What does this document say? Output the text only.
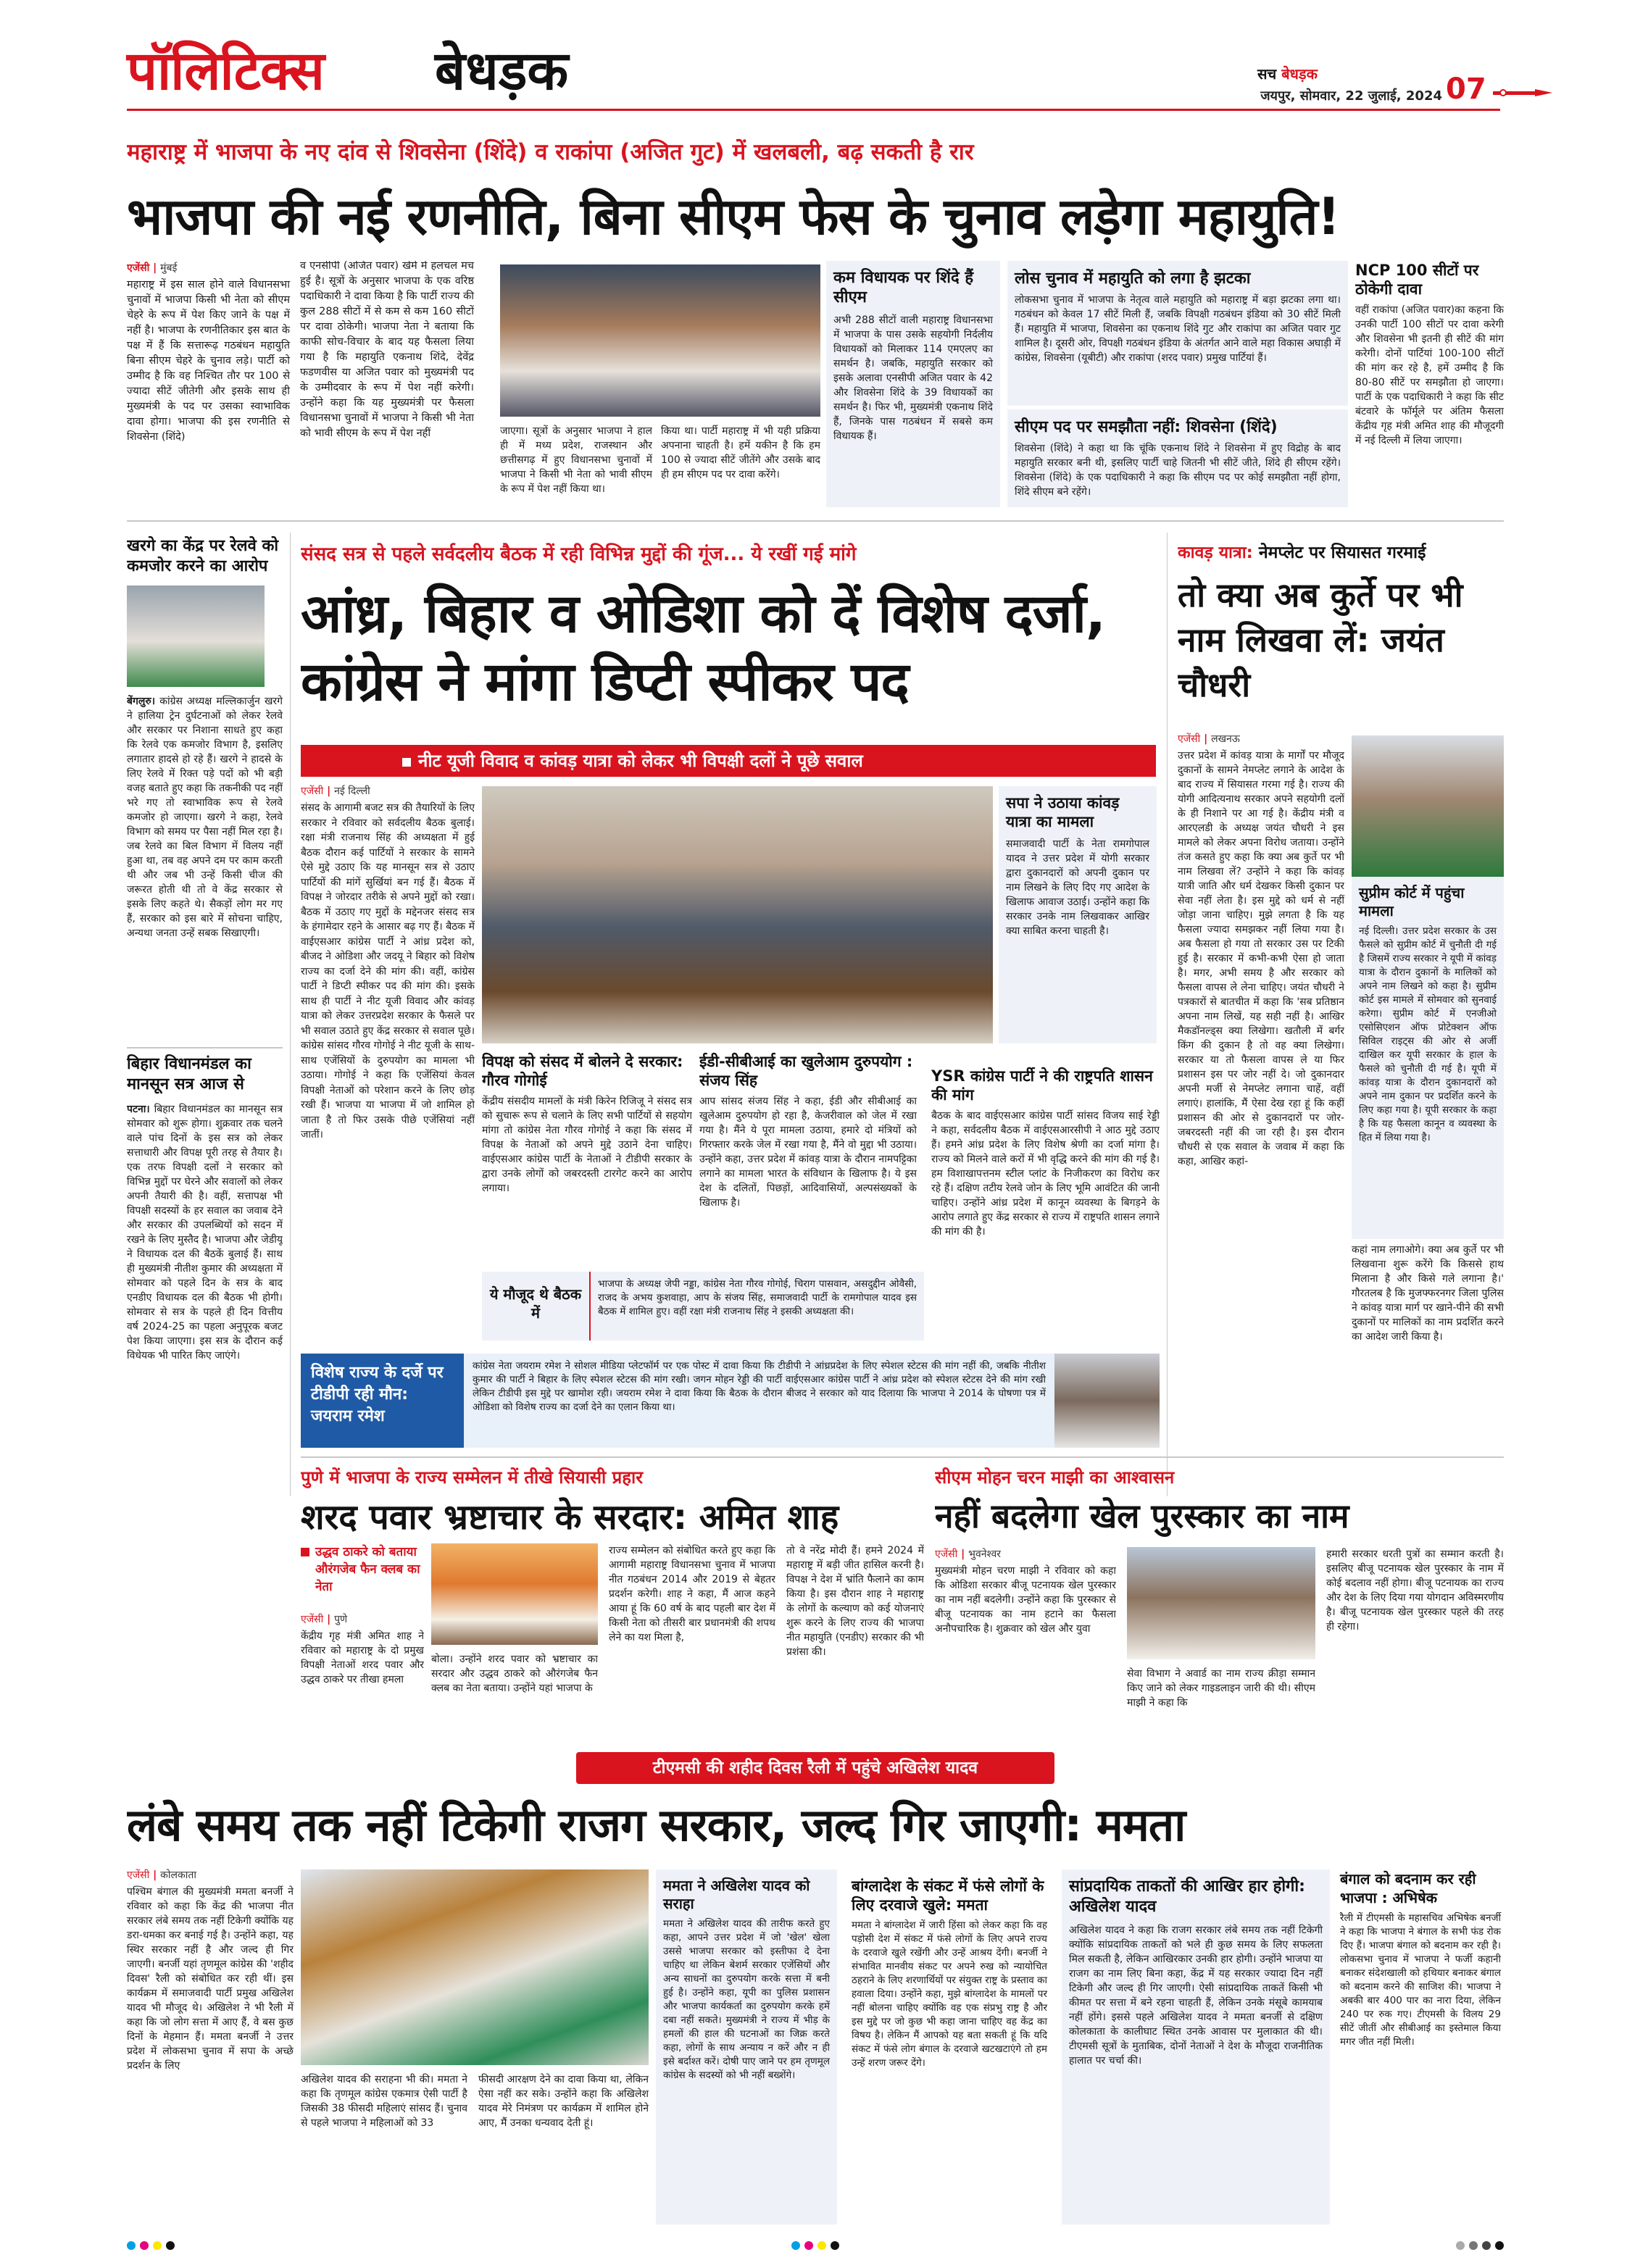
पॉलिटिक्स बेधड़क	सच बेधड़क
जयपुर, सोमवार, 22 जुलाई, 2024 07
महाराष्ट्र में भाजपा के नए दांव से शिवसेना (शिंदे) व राकांपा (अजित गुट) में खलबली, बढ़ सकती है रार
भाजपा की नई रणनीति, बिना सीएम फेस के चुनाव लड़ेगा महायुति!
एजेंसी | मुंबई

महाराष्ट्र में इस साल होने वाले विधानसभा चुनावों में भाजपा किसी भी नेता को सीएम चेहरे के रूप में पेश किए जाने के पक्ष में नहीं है। भाजपा के रणनीतिकार इस बात के पक्ष में हैं कि सत्तारूढ़ गठबंधन महायुति बिना सीएम चेहरे के चुनाव लड़े। पार्टी को उम्मीद है कि वह निश्चित तौर पर 100 से ज्यादा सीटें जीतेगी और इसके साथ ही मुख्यमंत्री के पद पर उसका स्वाभाविक दावा होगा। भाजपा की इस रणनीति से शिवसेना (शिंदे)

व एनसीपी (अजित पवार) खेमे में हलचल मच हुई है। सूत्रों के अनुसार भाजपा के एक वरिष्ठ पदाधिकारी ने दावा किया है कि पार्टी राज्य की कुल 288 सीटों में से कम से कम 160 सीटों पर दावा ठोकेगी। भाजपा नेता ने बताया कि काफी सोच-विचार के बाद यह फैसला लिया गया है कि महायुति एकनाथ शिंदे, देवेंद्र फडणवीस या अजित पवार को मुख्यमंत्री पद के उम्मीदवार के रूप में पेश नहीं करेगी। उन्होंने कहा कि यह मुख्यमंत्री पर फैसला विधानसभा चुनावों में भाजपा ने किसी भी नेता को भावी सीएम के रूप में पेश नहीं	जाएगा। सूत्रों के अनुसार भाजपा ने हाल ही में मध्य प्रदेश, राजस्थान और छत्तीसगढ़ में हुए विधानसभा चुनावों में भाजपा ने किसी भी नेता को भावी सीएम के रूप में पेश नहीं किया था।

किया था। पार्टी महाराष्ट्र में भी यही प्रक्रिया अपनाना चाहती है। हमें यकीन है कि हम 100 से ज्यादा सीटें जीतेंगे और उसके बाद ही हम सीएम पद पर दावा करेंगे।

कम विधायक पर शिंदे हैं सीएम

अभी 288 सीटों वाली महाराष्ट्र विधानसभा में भाजपा के पास उसके सहयोगी निर्दलीय विधायकों को मिलाकर 114 एमएलए का समर्थन है। जबकि, महायुति सरकार को इसके अलावा एनसीपी अजित पवार के 42 और शिवसेना शिंदे के 39 विधायकों का समर्थन है। फिर भी, मुख्यमंत्री एकनाथ शिंदे हैं, जिनके पास गठबंधन में सबसे कम विधायक हैं।

लोस चुनाव में महायुति को लगा है झटका

लोकसभा चुनाव में भाजपा के नेतृत्व वाले महायुति को महाराष्ट्र में बड़ा झटका लगा था। गठबंधन को केवल 17 सीटें मिली हैं, जबकि विपक्षी गठबंधन इंडिया को 30 सीटें मिली हैं। महायुति में भाजपा, शिवसेना का एकनाथ शिंदे गुट और राकांपा का अजित पवार गुट शामिल है। दूसरी ओर, विपक्षी गठबंधन इंडिया के अंतर्गत आने वाले महा विकास अघाड़ी में कांग्रेस, शिवसेना (यूबीटी) और राकांपा (शरद पवार) प्रमुख पार्टियां हैं।

सीएम पद पर समझौता नहीं: शिवसेना (शिंदे)

शिवसेना (शिंदे) ने कहा था कि चूंकि एकनाथ शिंदे ने शिवसेना में हुए विद्रोह के बाद महायुति सरकार बनी थी, इसलिए पार्टी चाहे जितनी भी सीटें जीते, शिंदे ही सीएम रहेंगे। शिवसेना (शिंदे) के एक पदाधिकारी ने कहा कि सीएम पद पर कोई समझौता नहीं होगा, शिंदे सीएम बने रहेंगे।

NCP 100 सीटों पर ठोकेगी दावा

वहीं राकांपा (अजित पवार)का कहना कि उनकी पार्टी 100 सीटों पर दावा करेगी और शिवसेना भी इतनी ही सीटें की मांग करेगी। दोनों पार्टियां 100-100 सीटों की मांग कर रहे है, हमें उम्मीद है कि 80-80 सीटें पर समझौता हो जाएगा। पार्टी के एक पदाधिकारी ने कहा कि सीट बंटवारे के फॉर्मूले पर अंतिम फैसला केंद्रीय गृह मंत्री अमित शाह की मौजूदगी में नई दिल्ली में लिया जाएगा।

खरगे का केंद्र पर रेलवे को कमजोर करने का आरोप

बेंगलुरु। कांग्रेस अध्यक्ष मल्लिकार्जुन खरगे ने हालिया ट्रेन दुर्घटनाओं को लेकर रेलवे और सरकार पर निशाना साधते हुए कहा कि रेलवे एक कमजोर विभाग है, इसलिए लगातार हादसे हो रहे हैं। खरगे ने हादसे के लिए रेलवे में रिक्त पड़े पदों को भी बड़ी वजह बताते हुए कहा कि तकनीकी पद नहीं भरे गए तो स्वाभाविक रूप से रेलवे कमजोर हो जाएगा। खरगे ने कहा, रेलवे विभाग को समय पर पैसा नहीं मिल रहा है। जब रेलवे का बिल विभाग में विलय नहीं हुआ था, तब वह अपने दम पर काम करती थी और जब भी उन्हें किसी चीज की जरूरत होती थी तो वे केंद्र सरकार से इसके लिए कहते थे। सैकड़ों लोग मर गए हैं, सरकार को इस बारे में सोचना चाहिए, अन्यथा जनता उन्हें सबक सिखाएगी।

बिहार विधानमंडल का मानसून सत्र आज से

पटना। बिहार विधानमंडल का मानसून सत्र सोमवार को शुरू होगा। शुक्रवार तक चलने वाले पांच दिनों के इस सत्र को लेकर सत्ताधारी और विपक्ष पूरी तरह से तैयार है। एक तरफ विपक्षी दलों ने सरकार को विभिन्न मुद्दों पर घेरने और सवालों को लेकर अपनी तैयारी की है। वहीं, सत्तापक्ष भी विपक्षी सदस्यों के हर सवाल का जवाब देने और सरकार की उपलब्धियों को सदन में रखने के लिए मुस्तैद है। भाजपा और जेडीयू ने विधायक दल की बैठकें बुलाई हैं। साथ ही मुख्यमंत्री नीतीश कुमार की अध्यक्षता में सोमवार को पहले दिन के सत्र के बाद एनडीए विधायक दल की बैठक भी होगी। सोमवार से सत्र के पहले ही दिन वित्तीय वर्ष 2024-25 का पहला अनुपूरक बजट पेश किया जाएगा। इस सत्र के दौरान कई विधेयक भी पारित किए जाएंगे।

संसद सत्र से पहले सर्वदलीय बैठक में रही विभिन्न मुद्दों की गूंज... ये रखीं गई मांगे
आंध्र, बिहार व ओडिशा को दें विशेष दर्जा, कांग्रेस ने मांगा डिप्टी स्पीकर पद
नीट यूजी विवाद व कांवड़ यात्रा को लेकर भी विपक्षी दलों ने पूछे सवाल
एजेंसी | नई दिल्ली

संसद के आगामी बजट सत्र की तैयारियों के लिए सरकार ने रविवार को सर्वदलीय बैठक बुलाई। रक्षा मंत्री राजनाथ सिंह की अध्यक्षता में हुई बैठक दौरान कई पार्टियों ने सरकार के सामने ऐसे मुद्दे उठाए कि यह मानसून सत्र से उठाए पार्टियों की मांगें सुर्खियां बन गई हैं। बैठक में विपक्ष ने जोरदार तरीके से अपने मुद्दों को रखा। बैठक में उठाए गए मुद्दों के मद्देनजर संसद सत्र के हंगामेदार रहने के आसार बढ़ गए हैं। बैठक में वाईएसआर कांग्रेस पार्टी ने आंध्र प्रदेश को, बीजद ने ओडिशा और जदयू ने बिहार को विशेष राज्य का दर्जा देने की मांग की। वहीं, कांग्रेस पार्टी ने डिप्टी स्पीकर पद की मांग की। इसके साथ ही पार्टी ने नीट यूजी विवाद और कांवड़ यात्रा को लेकर उत्तरप्रदेश सरकार के फैसले पर भी सवाल उठाते हुए केंद्र सरकार से सवाल पूछे। कांग्रेस सांसद गौरव गोगोई ने नीट यूजी के साथ-साथ एजेंसियों के दुरुपयोग का मामला भी उठाया। गोगोई ने कहा कि एजेंसियां केवल विपक्षी नेताओं को परेशान करने के लिए छोड़ रखी हैं। भाजपा या भाजपा में जो शामिल हो जाता है तो फिर उसके पीछे एजेंसियां नहीं जातीं।

सपा ने उठाया कांवड़ यात्रा का मामला

समाजवादी पार्टी के नेता रामगोपाल यादव ने उत्तर प्रदेश में योगी सरकार द्वारा दुकानदारों को अपनी दुकान पर नाम लिखने के लिए दिए गए आदेश के खिलाफ आवाज उठाई। उन्होंने कहा कि सरकार उनके नाम लिखवाकर आखिर क्या साबित करना चाहती है।

विपक्ष को संसद में बोलने दे सरकार: गौरव गोगोई

केंद्रीय संसदीय मामलों के मंत्री किरेन रिजिजू ने संसद सत्र को सुचारू रूप से चलाने के लिए सभी पार्टियों से सहयोग मांगा तो कांग्रेस नेता गौरव गोगोई ने कहा कि संसद में विपक्ष के नेताओं को अपने मुद्दे उठाने देना चाहिए। वाईएसआर कांग्रेस पार्टी के नेताओं ने टीडीपी सरकार के द्वारा उनके लोगों को जबरदस्ती टारगेट करने का आरोप लगाया।

ईडी-सीबीआई का खुलेआम दुरुपयोग : संजय सिंह

आप सांसद संजय सिंह ने कहा, ईडी और सीबीआई का खुलेआम दुरुपयोग हो रहा है, केजरीवाल को जेल में रखा गया है। मैंने ये पूरा मामला उठाया, हमारे दो मंत्रियों को गिरफ्तार करके जेल में रखा गया है, मैंने वो मुद्दा भी उठाया। उन्होंने कहा, उत्तर प्रदेश में कांवड़ यात्रा के दौरान नामपट्टिका लगाने का मामला भारत के संविधान के खिलाफ है। ये इस देश के दलितों, पिछड़ों, आदिवासियों, अल्पसंख्यकों के खिलाफ है।

YSR कांग्रेस पार्टी ने की राष्ट्रपति शासन की मांग

बैठक के बाद वाईएसआर कांग्रेस पार्टी सांसद विजय साई रेड्डी ने कहा, सर्वदलीय बैठक में वाईएसआरसीपी ने आठ मुद्दे उठाए हैं। हमने आंध्र प्रदेश के लिए विशेष श्रेणी का दर्जा मांगा है। राज्य को मिलने वाले करों में भी वृद्धि करने की मांग की गई है। हम विशाखापत्तनम स्टील प्लांट के निजीकरण का विरोध कर रहे हैं। दक्षिण तटीय रेलवे जोन के लिए भूमि आवंटित की जानी चाहिए। उन्होंने आंध्र प्रदेश में कानून व्यवस्था के बिगड़ने के आरोप लगाते हुए केंद्र सरकार से राज्य में राष्ट्रपति शासन लगाने की मांग की है।

ये मौजूद थे बैठक में

भाजपा के अध्यक्ष जेपी नड्डा, कांग्रेस नेता गौरव गोगोई, चिराग पासवान, असदुद्दीन ओवैसी, राजद के अभय कुशवाहा, आप के संजय सिंह, समाजवादी पार्टी के रामगोपाल यादव इस बैठक में शामिल हुए। वहीं रक्षा मंत्री राजनाथ सिंह ने इसकी अध्यक्षता की।

विशेष राज्य के दर्जे पर टीडीपी रही मौन: जयराम रमेश

कांग्रेस नेता जयराम रमेश ने सोशल मीडिया प्लेटफॉर्म पर एक पोस्ट में दावा किया कि टीडीपी ने आंध्रप्रदेश के लिए स्पेशल स्टेटस की मांग नहीं की, जबकि नीतीश कुमार की पार्टी ने बिहार के लिए स्पेशल स्टेटस की मांग रखी। जगन मोहन रेड्डी की पार्टी वाईएसआर कांग्रेस पार्टी ने आंध्र प्रदेश को स्पेशल स्टेटस देने की मांग रखी लेकिन टीडीपी इस मुद्दे पर खामोश रही। जयराम रमेश ने दावा किया कि बैठक के दौरान बीजद ने सरकार को याद दिलाया कि भाजपा ने 2014 के घोषणा पत्र में ओडिशा को विशेष राज्य का दर्जा देने का एलान किया था।

कावड़ यात्रा: नेमप्लेट पर सियासत गरमाई
तो क्या अब कुर्ते पर भी नाम लिखवा लें: जयंत चौधरी
एजेंसी | लखनऊ

उत्तर प्रदेश में कांवड़ यात्रा के मार्गों पर मौजूद दुकानों के सामने नेमप्लेट लगाने के आदेश के बाद राज्य में सियासत गरमा गई है। राज्य की योगी आदित्यनाथ सरकार अपने सहयोगी दलों के ही निशाने पर आ गई है। केंद्रीय मंत्री व आरएलडी के अध्यक्ष जयंत चौधरी ने इस मामले को लेकर अपना विरोध जताया। उन्होंने तंज कसते हुए कहा कि क्या अब कुर्ते पर भी नाम लिखवा लें? उन्होंने ने कहा कि कांवड़ यात्री जाति और धर्म देखकर किसी दुकान पर सेवा नहीं लेता है। इस मुद्दे को धर्म से नहीं जोड़ा जाना चाहिए। मुझे लगता है कि यह फैसला ज्यादा समझकर नहीं लिया गया है। अब फैसला हो गया तो सरकार उस पर टिकी हुई है। सरकार में कभी-कभी ऐसा हो जाता है। मगर, अभी समय है और सरकार को फैसला वापस ले लेना चाहिए। जयंत चौधरी ने पत्रकारों से बातचीत में कहा कि 'सब प्रतिष्ठान अपना नाम लिखें, यह सही नहीं है। आखिर मैकडॉनल्ड्स क्या लिखेगा। खतौली में बर्गर किंग की दुकान है तो वह क्या लिखेगा। सरकार या तो फैसला वापस ले या फिर प्रशासन इस पर जोर नहीं दे। जो दुकानदार अपनी मर्जी से नेमप्लेट लगाना चाहें, वहीं लगाएं। हालांकि, मैं ऐसा देख रहा हूं कि कहीं प्रशासन की ओर से दुकानदारों पर जोर-जबरदस्ती नहीं की जा रही है। इस दौरान चौधरी से एक सवाल के जवाब में कहा कि कहा, आखिर कहां-

सुप्रीम कोर्ट में पहुंचा मामला

नई दिल्ली। उत्तर प्रदेश सरकार के उस फैसले को सुप्रीम कोर्ट में चुनौती दी गई है जिसमें राज्य सरकार ने यूपी में कांवड़ यात्रा के दौरान दुकानों के मालिकों को अपने नाम लिखने को कहा है। सुप्रीम कोर्ट इस मामले में सोमवार को सुनवाई करेगा। सुप्रीम कोर्ट में एनजीओ एसोसिएशन ऑफ प्रोटेक्शन ऑफ सिविल राइट्स की ओर से अर्जी दाखिल कर यूपी सरकार के हाल के फैसले को चुनौती दी गई है। यूपी में कांवड़ यात्रा के दौरान दुकानदारों को अपने नाम दुकान पर प्रदर्शित करने के लिए कहा गया है। यूपी सरकार के कहा है कि यह फैसला कानून व व्यवस्था के हित में लिया गया है।

कहां नाम लगाओगे। क्या अब कुर्ते पर भी लिखवाना शुरू करेंगे कि किससे हाथ मिलाना है और किसे गले लगाना है।' गौरतलब है कि मुजफ्फरनगर जिला पुलिस ने कांवड़ यात्रा मार्ग पर खाने-पीने की सभी दुकानों पर मालिकों का नाम प्रदर्शित करने का आदेश जारी किया है।

पुणे में भाजपा के राज्य सम्मेलन में तीखे सियासी प्रहार
शरद पवार भ्रष्टाचार के सरदार: अमित शाह
उद्धव ठाकरे को बताया औरंगजेब फैन क्लब का नेता
एजेंसी | पुणे

केंद्रीय गृह मंत्री अमित शाह ने रविवार को महाराष्ट्र के दो प्रमुख विपक्षी नेताओं शरद पवार और उद्धव ठाकरे पर तीखा हमला

बोला। उन्होंने शरद पवार को भ्रष्टाचार का सरदार और उद्धव ठाकरे को औरंगजेब फैन क्लब का नेता बताया। उन्होंने यहां भाजपा के

राज्य सम्मेलन को संबोधित करते हुए कहा कि आगामी महाराष्ट्र विधानसभा चुनाव में भाजपा नीत गठबंधन 2014 और 2019 से बेहतर प्रदर्शन करेगी। शाह ने कहा, मैं आज कहने आया हूं कि 60 वर्ष के बाद पहली बार देश में किसी नेता को तीसरी बार प्रधानमंत्री की शपथ लेने का यश मिला है,

तो वे नरेंद्र मोदी हैं। हमने 2024 में महाराष्ट्र में बड़ी जीत हासिल करनी है। विपक्ष ने देश में भ्रांति फैलाने का काम किया है। इस दौरान शाह ने महाराष्ट्र के लोगों के कल्याण को कई योजनाएं शुरू करने के लिए राज्य की भाजपा नीत महायुति (एनडीए) सरकार की भी प्रशंसा की।

सीएम मोहन चरन माझी का आश्वासन
नहीं बदलेगा खेल पुरस्कार का नाम
एजेंसी | भुवनेश्वर

मुख्यमंत्री मोहन चरण माझी ने रविवार को कहा कि ओडिशा सरकार बीजू पटनायक खेल पुरस्कार का नाम नहीं बदलेगी। उन्होंने कहा कि पुरस्कार से बीजू पटनायक का नाम हटाने का फैसला अनौपचारिक है। शुक्रवार को खेल और युवा

सेवा विभाग ने अवार्ड का नाम राज्य क्रीड़ा सम्मान किए जाने को लेकर गाइडलाइन जारी की थी। सीएम माझी ने कहा कि

हमारी सरकार धरती पुत्रों का सम्मान करती है। इसलिए बीजू पटनायक खेल पुरस्कार के नाम में कोई बदलाव नहीं होगा। बीजू पटनायक का राज्य और देश के लिए दिया गया योगदान अविस्मरणीय है। बीजू पटनायक खेल पुरस्कार पहले की तरह ही रहेगा।

टीएमसी की शहीद दिवस रैली में पहुंचे अखिलेश यादव
लंबे समय तक नहीं टिकेगी राजग सरकार, जल्द गिर जाएगी: ममता
एजेंसी | कोलकाता

पश्चिम बंगाल की मुख्यमंत्री ममता बनर्जी ने रविवार को कहा कि केंद्र की भाजपा नीत सरकार लंबे समय तक नहीं टिकेगी क्योंकि यह डरा-धमका कर बनाई गई है। उन्होंने कहा, यह स्थिर सरकार नहीं है और जल्द ही गिर जाएगी। बनर्जी यहां तृणमूल कांग्रेस की 'शहीद दिवस' रैली को संबोधित कर रही थीं। इस कार्यक्रम में समाजवादी पार्टी प्रमुख अखिलेश यादव भी मौजूद थे। अखिलेश ने भी रैली में कहा कि जो लोग सत्ता में आए हैं, वे बस कुछ दिनों के मेहमान हैं। ममता बनर्जी ने उत्तर प्रदेश में लोकसभा चुनाव में सपा के अच्छे प्रदर्शन के लिए

अखिलेश यादव की सराहना भी की। ममता ने कहा कि तृणमूल कांग्रेस एकमात्र ऐसी पार्टी है जिसकी 38 फीसदी महिलाएं सांसद हैं। चुनाव से पहले भाजपा ने महिलाओं को 33

फीसदी आरक्षण देने का दावा किया था, लेकिन ऐसा नहीं कर सके। उन्होंने कहा कि अखिलेश यादव मेरे निमंत्रण पर कार्यक्रम में शामिल होने आए, मैं उनका धन्यवाद देती हूं।

ममता ने अखिलेश यादव को सराहा

ममता ने अखिलेश यादव की तारीफ करते हुए कहा, आपने उत्तर प्रदेश में जो 'खेल' खेला उससे भाजपा सरकार को इस्तीफा दे देना चाहिए था लेकिन बेशर्म सरकार एजेंसियों और अन्य साधनों का दुरुपयोग करके सत्ता में बनी हुई है। उन्होंने कहा, यूपी का पुलिस प्रशासन और भाजपा कार्यकर्ता का दुरुपयोग करके हमें दबा नहीं सकते। मुख्यमंत्री ने राज्य में भीड़ के हमलों की हाल की घटनाओं का जिक्र करते कहा, लोगों के साथ अन्याय न करें और न ही इसे बर्दाश्त करें। दोषी पाए जाने पर हम तृणमूल कांग्रेस के सदस्यों को भी नहीं बख्शेंगे।

बांग्लादेश के संकट में फंसे लोगों के लिए दरवाजे खुले: ममता

ममता ने बांग्लादेश में जारी हिंसा को लेकर कहा कि वह पड़ोसी देश में संकट में फंसे लोगों के लिए अपने राज्य के दरवाजे खुले रखेंगी और उन्हें आश्रय देंगी। बनर्जी ने संभावित मानवीय संकट पर अपने रुख को न्यायोचित ठहराने के लिए शरणार्थियों पर संयुक्त राष्ट्र के प्रस्ताव का हवाला दिया। उन्होंने कहा, मुझे बांग्लादेश के मामलों पर नहीं बोलना चाहिए क्योंकि वह एक संप्रभु राष्ट्र है और इस मुद्दे पर जो कुछ भी कहा जाना चाहिए वह केंद्र का विषय है। लेकिन मैं आपको यह बता सकती हूं कि यदि संकट में फंसे लोग बंगाल के दरवाजे खटखटाएंगे तो हम उन्हें शरण जरूर देंगे।

सांप्रदायिक ताकतों की आखिर हार होगी: अखिलेश यादव

अखिलेश यादव ने कहा कि राजग सरकार लंबे समय तक नहीं टिकेगी क्योंकि सांप्रदायिक ताकतों को भले ही कुछ समय के लिए सफलता मिल सकती है, लेकिन आखिरकार उनकी हार होगी। उन्होंने भाजपा या राजग का नाम लिए बिना कहा, केंद्र में यह सरकार ज्यादा दिन नहीं टिकेगी और जल्द ही गिर जाएगी। ऐसी सांप्रदायिक ताकतें किसी भी कीमत पर सत्ता में बने रहना चाहती हैं, लेकिन उनके मंसूबे कामयाब नहीं होंगे। इससे पहले अखिलेश यादव ने ममता बनर्जी से दक्षिण कोलकाता के कालीघाट स्थित उनके आवास पर मुलाकात की थी। टीएमसी सूत्रों के मुताबिक, दोनों नेताओं ने देश के मौजूदा राजनीतिक हालात पर चर्चा की।

बंगाल को बदनाम कर रही भाजपा : अभिषेक

रैली में टीएमसी के महासचिव अभिषेक बनर्जी ने कहा कि भाजपा ने बंगाल के सभी फंड रोक दिए हैं। भाजपा बंगाल को बदनाम कर रही है। लोकसभा चुनाव में भाजपा ने फर्जी कहानी बनाकर संदेशखाली को हथियार बनाकर बंगाल को बदनाम करने की साजिश की। भाजपा ने अबकी बार 400 पार का नारा दिया, लेकिन 240 पर रुक गए। टीएमसी के विलय 29 सीटें जीतीं और सीबीआई का इस्तेमाल किया मगर जीत नहीं मिली।
